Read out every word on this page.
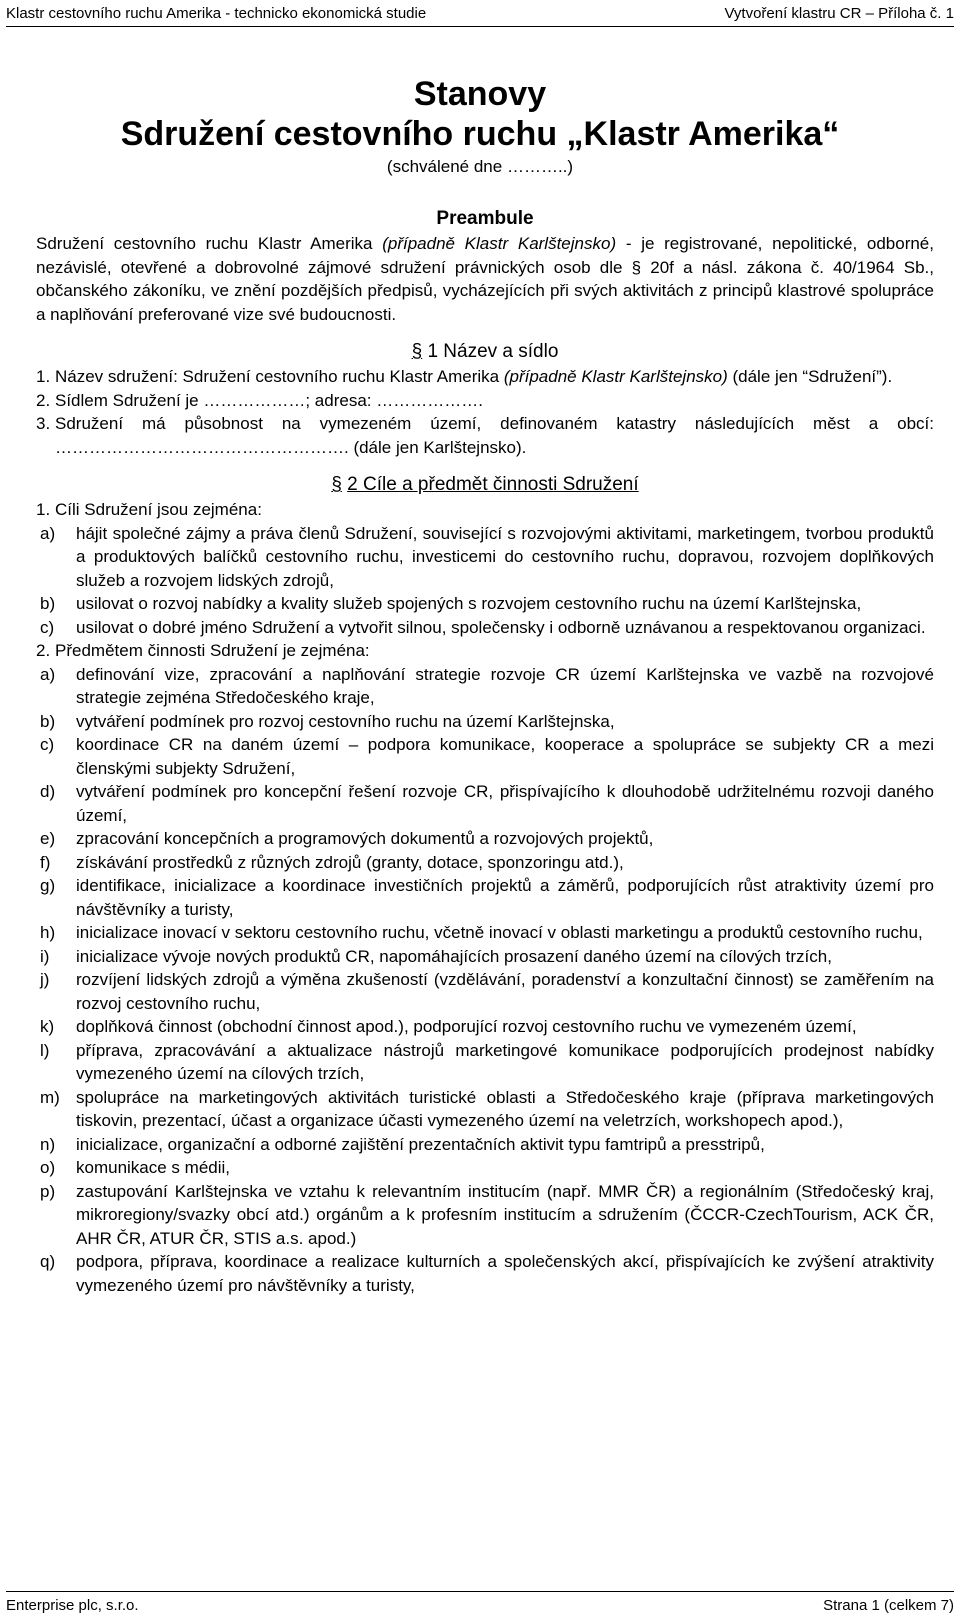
Klastr cestovního ruchu Amerika - technicko ekonomická studie	Vytvoření klastru CR – Příloha č. 1
Stanovy
Sdružení cestovního ruchu „Klastr Amerika“
(schválené dne ………..)

Preambule

Sdružení cestovního ruchu Klastr Amerika (případně Klastr Karlštejnsko) - je registrované, nepolitické, odborné, nezávislé, otevřené a dobrovolné zájmové sdružení právnických osob dle § 20f a násl. zákona č. 40/1964 Sb., občanského zákoníku, ve znění pozdějších předpisů, vycházejících při svých aktivitách z principů klastrové spolupráce a naplňování preferované vize své budoucnosti.

§ 1 Název a sídlo

1. Název sdružení: Sdružení cestovního ruchu Klastr Amerika (případně Klastr Karlštejnsko) (dále jen “Sdružení”).
2. Sídlem Sdružení je ………………; adresa: ……………….
3. Sdružení má působnost na vymezeném území, definovaném katastry následujících měst a obcí: ……………………………………………. (dále jen Karlštejnsko).

§ 2 Cíle a předmět činnosti Sdružení

1. Cíli Sdružení jsou zejména:
a)	hájit společné zájmy a práva členů Sdružení, související s rozvojovými aktivitami, marketingem, tvorbou produktů a produktových balíčků cestovního ruchu, investicemi do cestovního ruchu, dopravou, rozvojem doplňkových služeb a rozvojem lidských zdrojů,
b)	usilovat o rozvoj nabídky a kvality služeb spojených s rozvojem cestovního ruchu na území Karlštejnska,
c)	usilovat o dobré jméno Sdružení a vytvořit silnou, společensky i odborně uznávanou a respektovanou organizaci.
2. Předmětem činnosti Sdružení je zejména:
a)	definování vize, zpracování a naplňování strategie rozvoje CR území Karlštejnska ve vazbě na rozvojové strategie zejména Středočeského kraje,
b)	vytváření podmínek pro rozvoj cestovního ruchu na území Karlštejnska,
c)	koordinace CR na daném území – podpora komunikace, kooperace a spolupráce se subjekty CR a mezi členskými subjekty Sdružení,
d)	vytváření podmínek pro koncepční řešení rozvoje CR, přispívajícího k dlouhodobě udržitelnému rozvoji daného území,
e)	zpracování koncepčních a programových dokumentů a rozvojových projektů,
f)	získávání prostředků z různých zdrojů (granty, dotace, sponzoringu atd.),
g)	identifikace, inicializace a koordinace investičních projektů a záměrů, podporujících růst atraktivity území pro návštěvníky a turisty,
h)	inicializace inovací v sektoru cestovního ruchu, včetně inovací v oblasti marketingu a produktů cestovního ruchu,
i)	inicializace vývoje nových produktů CR, napomáhajících prosazení daného území na cílových trzích,
j)	rozvíjení lidských zdrojů a výměna zkušeností (vzdělávání, poradenství a konzultační činnost) se zaměřením na rozvoj cestovního ruchu,
k)	doplňková činnost (obchodní činnost apod.), podporující rozvoj cestovního ruchu ve vymezeném území,
l)	příprava, zpracovávání a aktualizace nástrojů marketingové komunikace podporujících prodejnost nabídky vymezeného území na cílových trzích,
m) spolupráce na marketingových aktivitách turistické oblasti a Středočeského kraje (příprava marketingových tiskovin, prezentací, účast a organizace účasti vymezeného území na veletrzích, workshopech apod.),
n)	inicializace, organizační a odborné zajištění prezentačních aktivit typu famtripů a presstripů,
o)	komunikace s médii,
p)	zastupování Karlštejnska ve vztahu k relevantním institucím (např. MMR ČR) a regionálním (Středočeský kraj, mikroregiony/svazky obcí atd.) orgánům a k profesním institucím a sdružením (ČCCR-CzechTourism, ACK ČR, AHR ČR, ATUR ČR, STIS a.s. apod.)
q)	podpora, příprava, koordinace a realizace kulturních a společenských akcí, přispívajících ke zvýšení atraktivity vymezeného území pro návštěvníky a turisty,
Enterprise plc, s.r.o.	Strana 1 (celkem 7)
